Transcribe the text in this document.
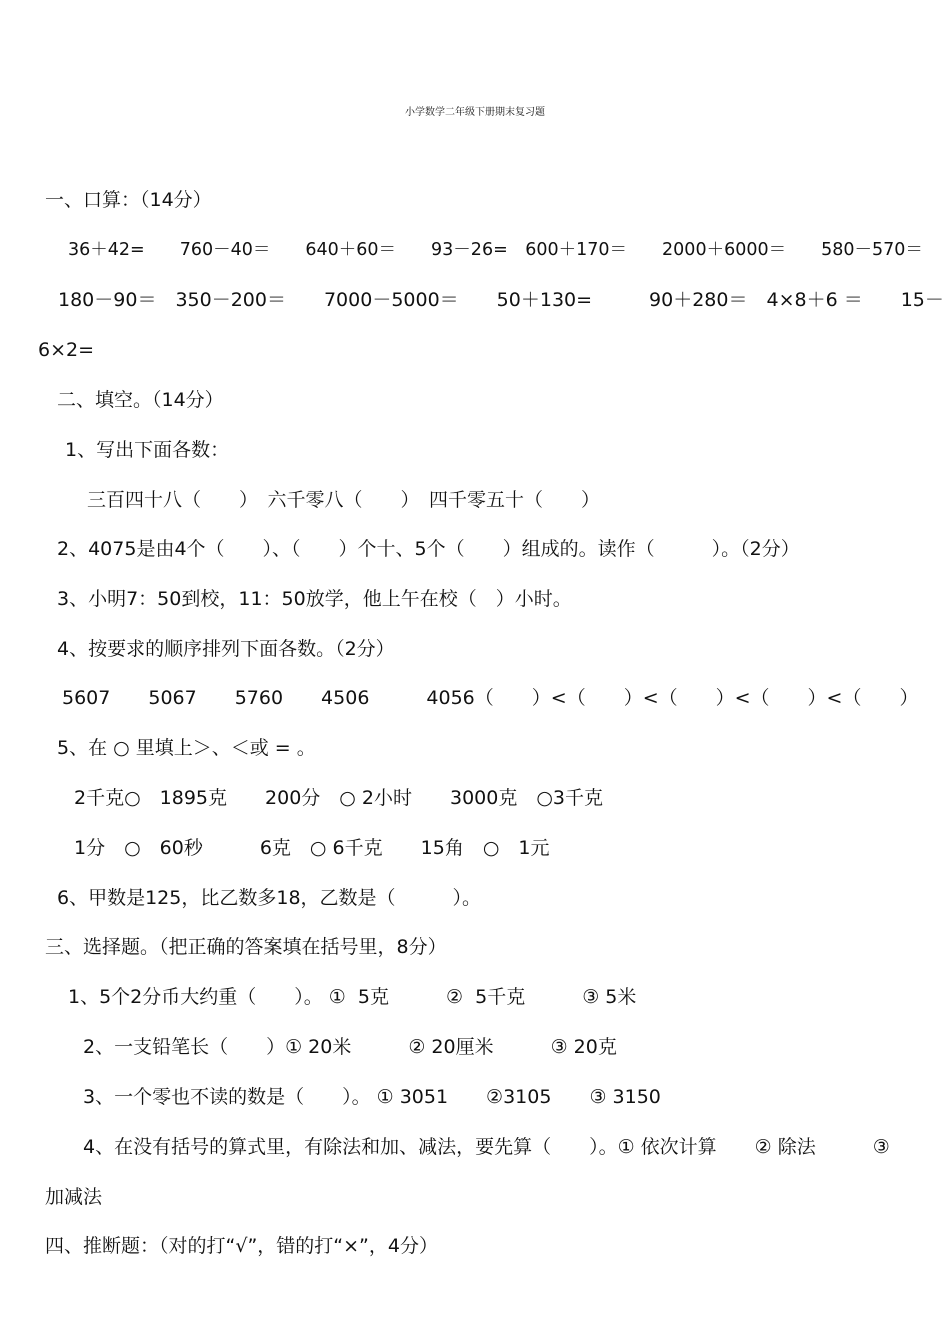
小学数学二年级下册期末复习题
一、口算：（14分）
36＋42=　　760－40＝　　640＋60＝　　93－26=　600＋170＝　　2000＋6000＝　　580－570＝
180－90＝　350－200＝　　7000－5000＝　　50＋130=　　　90＋280＝　4×8＋6 ＝　　15－
6×2=
二、填空。（14分）
1、写出下面各数：
三百四十八（　　）　六千零八（　　）　四千零五十（　　）
2、4075是由4个（　　）、（　　）个十、5个（　　）组成的。读作（　　　）。（2分）
3、小明7：50到校，11：50放学，他上午在校（　）小时。
4、按要求的顺序排列下面各数。（2分）
5607　　5067　　5760　　4506　　　4056（　　）<（　　）<（　　）<（　　）<（　　）
5、在 ○ 里填上＞、＜或 = 。
2千克○　1895克　　200分　○ 2小时　　3000克　○3千克
1分　○　60秒　　　6克　○ 6千克　　15角　○　1元
6、甲数是125，比乙数多18，乙数是（　　　）。
三、选择题。（把正确的答案填在括号里，8分）
1、5个2分币大约重（　　）。 ①  5克　　　②  5千克　　　③ 5米
2、一支铅笔长（　　）① 20米　　　② 20厘米　　　③ 20克
3、一个零也不读的数是（　　）。 ① 3051　　②3105　　③ 3150
4、在没有括号的算式里，有除法和加、减法，要先算（　　）。① 依次计算　　② 除法　　　③
加减法
四、推断题：（对的打“√”，错的打“×”，4分）
